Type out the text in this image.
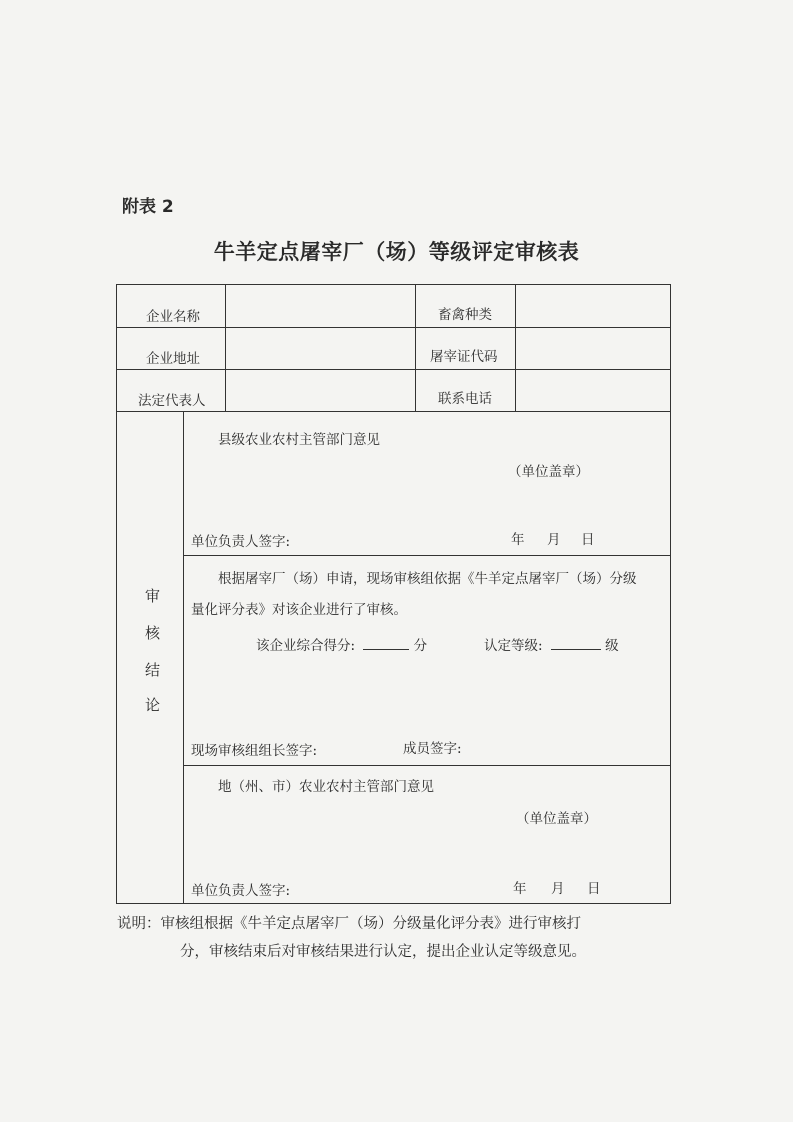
附表 2
牛羊定点屠宰厂（场）等级评定审核表
企业名称	畜禽种类
企业地址	屠宰证代码
法定代表人	联系电话
审
核
结
论
县级农业农村主管部门意见
（单位盖章）
单位负责人签字:	年 月 日
根据屠宰厂（场）申请，现场审核组依据《牛羊定点屠宰厂（场）分级
量化评分表》对该企业进行了审核。
该企业综合得分:	分	认定等级:	级
现场审核组组长签字:	成员签字:
地（州、市）农业农村主管部门意见
（单位盖章）
单位负责人签字:	年 月 日
说明：审核组根据《牛羊定点屠宰厂（场）分级量化评分表》进行审核打
分，审核结束后对审核结果进行认定，提出企业认定等级意见。
